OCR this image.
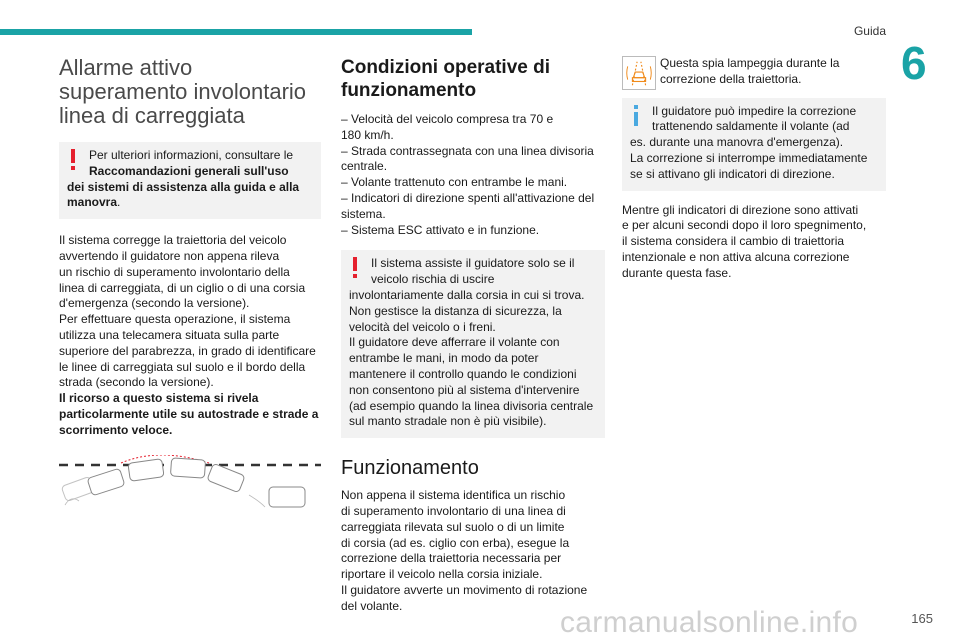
Guida
6
Allarme attivo
superamento involontario
linea di carreggiata
Per ulteriori informazioni, consultare le
Raccomandazioni generali sull'uso
dei sistemi di assistenza alla guida e alla
manovra.
Il sistema corregge la traiettoria del veicolo
avvertendo il guidatore non appena rileva
un rischio di superamento involontario della
linea di carreggiata, di un ciglio o di una corsia
d'emergenza (secondo la versione).
Per effettuare questa operazione, il sistema
utilizza una telecamera situata sulla parte
superiore del parabrezza, in grado di identificare
le linee di carreggiata sul suolo e il bordo della
strada (secondo la versione).
Il ricorso a questo sistema si rivela
particolarmente utile su autostrade e strade a
scorrimento veloce.
Condizioni operative di
funzionamento
– Velocità del veicolo compresa tra 70 e
180 km/h.
– Strada contrassegnata con una linea divisoria
centrale.
– Volante trattenuto con entrambe le mani.
– Indicatori di direzione spenti all'attivazione del
sistema.
– Sistema ESC attivato e in funzione.
Il sistema assiste il guidatore solo se il
veicolo rischia di uscire
involontariamente dalla corsia in cui si trova.
Non gestisce la distanza di sicurezza, la
velocità del veicolo o i freni.
Il guidatore deve afferrare il volante con
entrambe le mani, in modo da poter
mantenere il controllo quando le condizioni
non consentono più al sistema d'intervenire
(ad esempio quando la linea divisoria centrale
sul manto stradale non è più visibile).
Funzionamento
Non appena il sistema identifica un rischio
di superamento involontario di una linea di
carreggiata rilevata sul suolo o di un limite
di corsia (ad es. ciglio con erba), esegue la
correzione della traiettoria necessaria per
riportare il veicolo nella corsia iniziale.
Il guidatore avverte un movimento di rotazione
del volante.
Questa spia lampeggia durante la
correzione della traiettoria.
Il guidatore può impedire la correzione
trattenendo saldamente il volante (ad
es. durante una manovra d'emergenza).
La correzione si interrompe immediatamente
se si attivano gli indicatori di direzione.
Mentre gli indicatori di direzione sono attivati
e per alcuni secondi dopo il loro spegnimento,
il sistema considera il cambio di traiettoria
intenzionale e non attiva alcuna correzione
durante questa fase.
carmanualsonline.info	165
